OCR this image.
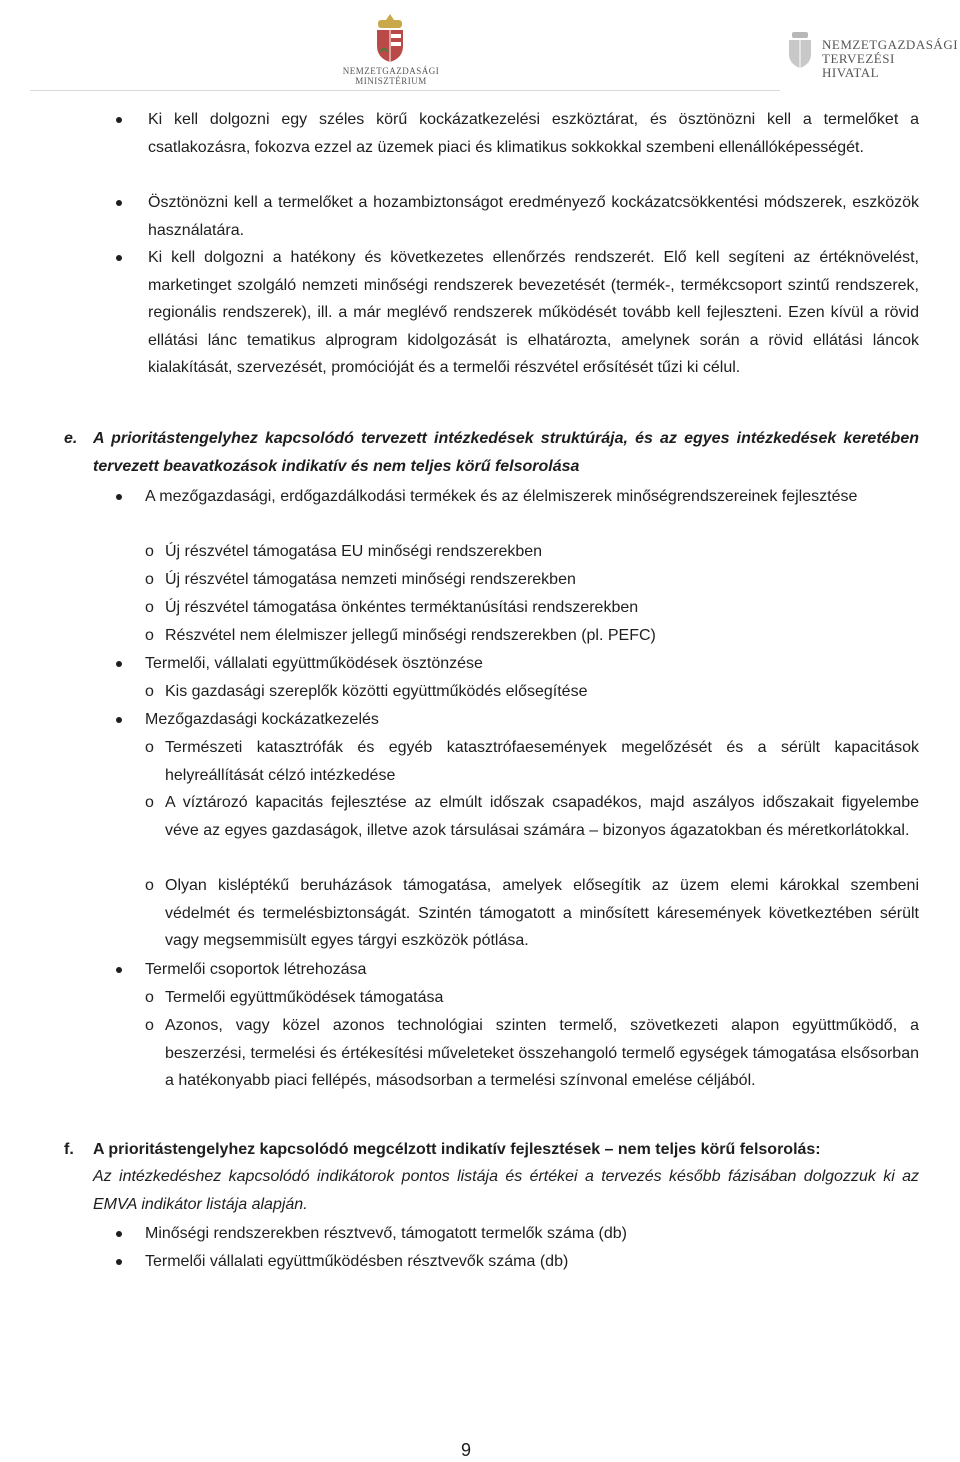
NEMZETGAZDASÁGI
MINISZTÉRIUM
NEMZETGAZDASÁGI
TERVEZÉSI
HIVATAL
Ki kell dolgozni egy széles körű kockázatkezelési eszköztárat, és ösztönözni kell a termelőket a csatlakozásra, fokozva ezzel az üzemek piaci és klimatikus sokkokkal szembeni ellenállóképességét.
Ösztönözni kell a termelőket a hozambiztonságot eredményező kockázatcsökkentési módszerek, eszközök használatára.
Ki kell dolgozni a hatékony és következetes ellenőrzés rendszerét. Elő kell segíteni az értéknövelést, marketinget szolgáló nemzeti minőségi rendszerek bevezetését (termék-, termékcsoport szintű rendszerek, regionális rendszerek), ill. a már meglévő rendszerek működését tovább kell fejleszteni. Ezen kívül a rövid ellátási lánc tematikus alprogram kidolgozását is elhatározta, amelynek során a rövid ellátási láncok kialakítását, szervezését, promócióját és a termelői részvétel erősítését tűzi ki célul.
e. A prioritástengelyhez kapcsolódó tervezett intézkedések struktúrája, és az egyes intézkedések keretében tervezett beavatkozások indikatív és nem teljes körű felsorolása
A mezőgazdasági, erdőgazdálkodási termékek és az élelmiszerek minőségrendszereinek fejlesztése
o Új részvétel támogatása EU minőségi rendszerekben
o Új részvétel támogatása nemzeti minőségi rendszerekben
o Új részvétel támogatása önkéntes terméktanúsítási rendszerekben
o Részvétel nem élelmiszer jellegű minőségi rendszerekben (pl. PEFC)
Termelői, vállalati együttműködések ösztönzése
o Kis gazdasági szereplők közötti együttműködés elősegítése
Mezőgazdasági kockázatkezelés
o Természeti katasztrófák és egyéb katasztrófaesemények megelőzését és a sérült kapacitások helyreállítását célzó intézkedése
o A víztározó kapacitás fejlesztése az elmúlt időszak csapadékos, majd aszályos időszakait figyelembe véve az egyes gazdaságok, illetve azok társulásai számára – bizonyos ágazatokban és méretkorlátokkal.
o Olyan kisléptékű beruházások támogatása, amelyek elősegítik az üzem elemi károkkal szembeni védelmét és termelésbiztonságát. Szintén támogatott a minősített káresemények következtében sérült vagy megsemmisült egyes tárgyi eszközök pótlása.
Termelői csoportok létrehozása
o Termelői együttműködések támogatása
o Azonos, vagy közel azonos technológiai szinten termelő, szövetkezeti alapon együttműködő, a beszerzési, termelési és értékesítési műveleteket összehangoló termelő egységek támogatása elsősorban a hatékonyabb piaci fellépés, másodsorban a termelési színvonal emelése céljából.
f. A prioritástengelyhez kapcsolódó megcélzott indikatív fejlesztések – nem teljes körű felsorolás:
Az intézkedéshez kapcsolódó indikátorok pontos listája és értékei a tervezés később fázisában dolgozzuk ki az EMVA indikátor listája alapján.
Minőségi rendszerekben résztvevő, támogatott termelők száma (db)
Termelői vállalati együttműködésben résztvevők száma (db)
9
